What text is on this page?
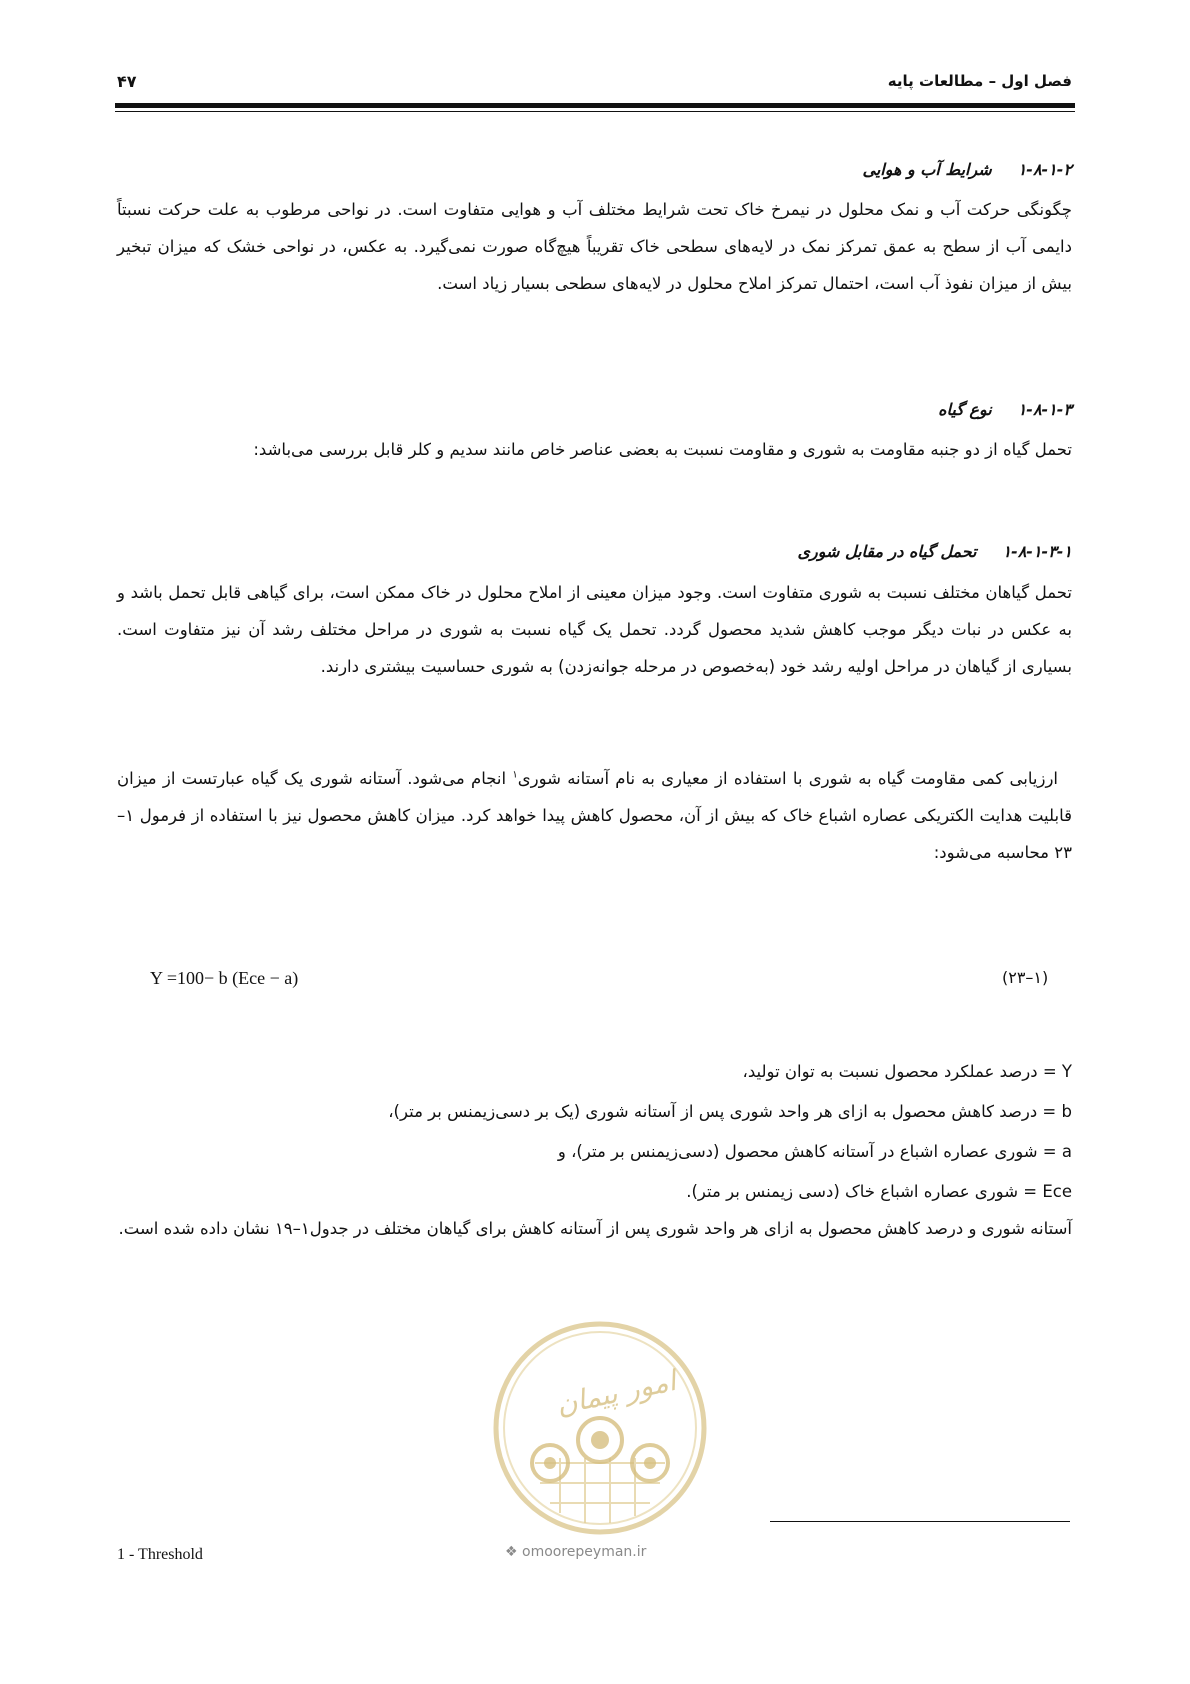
فصل اول – مطالعات پایه
۴۷
۱-۸-۱-۲شرایط آب و هوایی
چگونگی حرکت آب و نمک محلول در نیمرخ خاک تحت شرایط مختلف آب و هوایی متفاوت است. در نواحی مرطوب به علت حرکت نسبتاً دایمی آب از سطح به عمق تمرکز نمک در لایه‌های سطحی خاک تقریباً هیچ‌گاه صورت نمی‌گیرد. به عکس، در نواحی خشک که میزان تبخیر بیش از میزان نفوذ آب است، احتمال تمرکز املاح محلول در لایه‌های سطحی بسیار زیاد است.
۱-۸-۱-۳نوع گیاه
تحمل گیاه از دو جنبه مقاومت به شوری و مقاومت نسبت به بعضی عناصر خاص مانند سدیم و کلر قابل بررسی می‌باشد:
۱-۸-۱-۳-۱تحمل گیاه در مقابل شوری
تحمل گیاهان مختلف نسبت به شوری متفاوت است. وجود میزان معینی از املاح محلول در خاک ممکن است، برای گیاهی قابل تحمل باشد و به عکس در نبات دیگر موجب کاهش شدید محصول گردد. تحمل یک گیاه نسبت به شوری در مراحل مختلف رشد آن نیز متفاوت است. بسیاری از گیاهان در مراحل اولیه رشد خود (به‌خصوص در مرحله جوانه‌زدن) به شوری حساسیت بیشتری دارند.
ارزیابی کمی مقاومت گیاه به شوری با استفاده از معیاری به نام آستانه شوری$^۱$ انجام می‌شود. آستانه شوری یک گیاه عبارتست از میزان قابلیت هدایت الکتریکی عصاره اشباع خاک که بیش از آن، محصول کاهش پیدا خواهد کرد. میزان کاهش محصول نیز با استفاده از فرمول ۱– ۲۳ محاسبه می‌شود:
Y =100− b (Ece − a)	(۲۳–۱)
Y = درصد عملکرد محصول نسبت به توان تولید،
b = درصد کاهش محصول به ازای هر واحد شوری پس از آستانه شوری (یک بر دسی‌زیمنس بر متر)،
a = شوری عصاره اشباع در آستانه کاهش محصول (دسی‌زیمنس بر متر)، و
Ece = شوری عصاره اشباع خاک (دسی زیمنس بر متر).
آستانه شوری و درصد کاهش محصول به ازای هر واحد شوری پس از آستانه کاهش برای گیاهان مختلف در جدول۱–۱۹ نشان داده شده است.
امور پیمان
❖ omoorepeyman.ir
1 - Threshold
